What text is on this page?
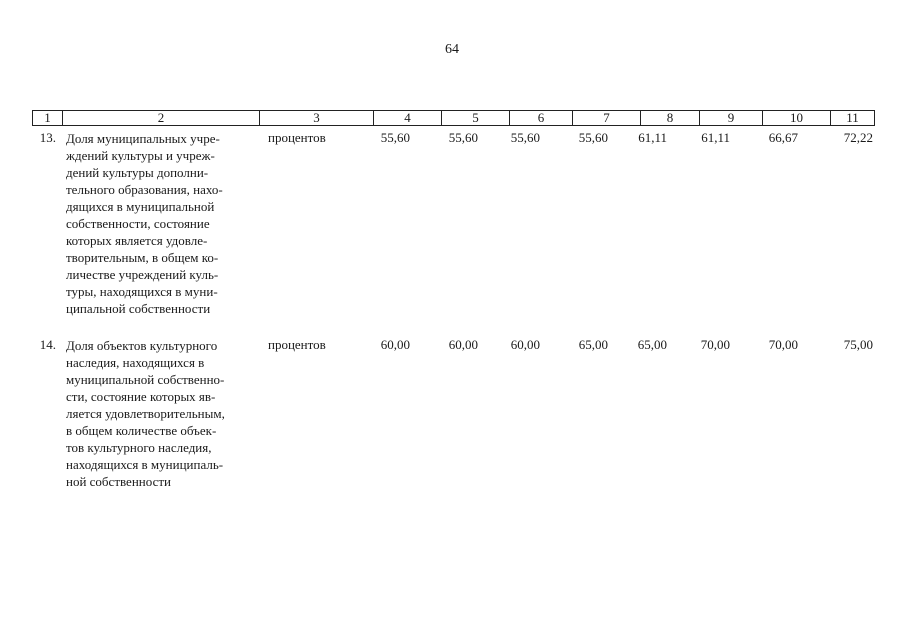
64
1	2	3	4	5	6	7	8	9	10	11
13. Доля муниципальных учре-
ждений культуры и учреж-
дений культуры дополни-
тельного образования, нахо-
дящихся в муниципальной
собственности, состояние
которых является удовле-
творительным, в общем ко-
личестве учреждений куль-
туры, находящихся в муни-
ципальной собственности
процентов	55,60	55,60	55,60	55,60	61,11	61,11	66,67	72,22
14. Доля объектов культурного
наследия, находящихся в
муниципальной собственно-
сти, состояние которых яв-
ляется удовлетворительным,
в общем количестве объек-
тов культурного наследия,
находящихся в муниципаль-
ной собственности
процентов	60,00	60,00	60,00	65,00	65,00	70,00	70,00	75,00
